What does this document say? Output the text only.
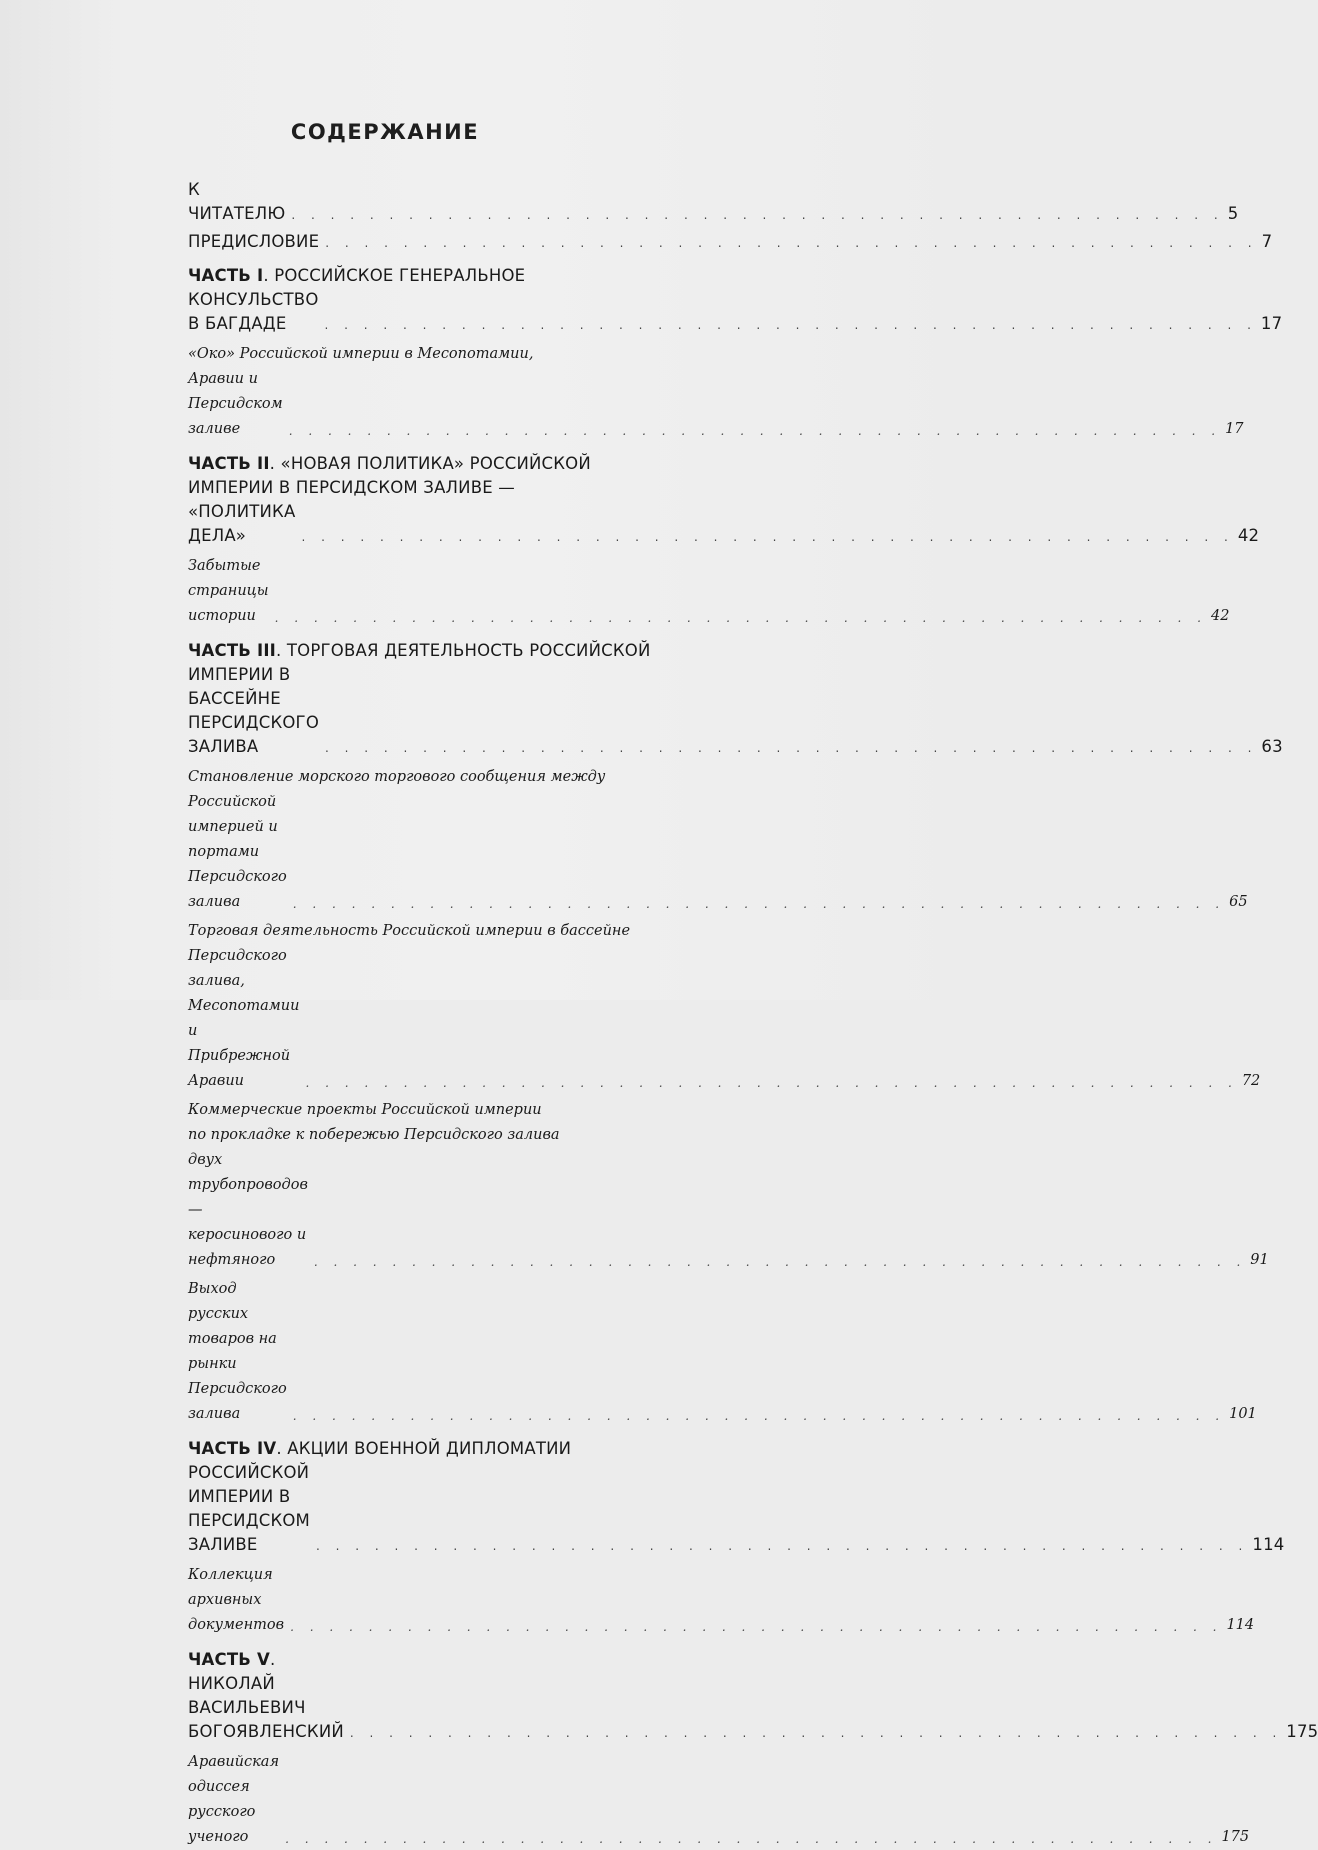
СОДЕРЖАНИЕ
К ЧИТАТЕЛЮ . . . . . . . . . . . . . . . . . . . . . . . . . . . . . . . . . . . . . . . . . . . . . . . . 5
ПРЕДИСЛОВИЕ . . . . . . . . . . . . . . . . . . . . . . . . . . . . . . . . . . . . . . . . . . . . . . . . 7
ЧАСТЬ I. РОССИЙСКОЕ ГЕНЕРАЛЬНОЕ
КОНСУЛЬСТВО В БАГДАДЕ	. . . . . . . . . . . . . . . . . . . . . . . . . . . . . . . . . . . . . . . . . . . . . . . . 17
«Око» Российской империи в Месопотамии,
Аравии и Персидском заливе	. . . . . . . . . . . . . . . . . . . . . . . . . . . . . . . . . . . . . . . . . . . . . . . . 17
ЧАСТЬ II. «НОВАЯ ПОЛИТИКА» РОССИЙСКОЙ
ИМПЕРИИ В ПЕРСИДСКОМ ЗАЛИВЕ —
«ПОЛИТИКА ДЕЛА»	. . . . . . . . . . . . . . . . . . . . . . . . . . . . . . . . . . . . . . . . . . . . . . . . 42
Забытые страницы истории	. . . . . . . . . . . . . . . . . . . . . . . . . . . . . . . . . . . . . . . . . . . . . . . . 42
ЧАСТЬ III. ТОРГОВАЯ ДЕЯТЕЛЬНОСТЬ РОССИЙСКОЙ
ИМПЕРИИ В БАССЕЙНЕ ПЕРСИДСКОГО ЗАЛИВА	. . . . . . . . . . . . . . . . . . . . . . . . . . . . . . . . . . . . . . . . . . . . . . . . 63
Становление морского торгового сообщения между
Российской империей и портами Персидского залива	. . . . . . . . . . . . . . . . . . . . . . . . . . . . . . . . . . . . . . . . . . . . . . . . 65
Торговая деятельность Российской империи в бассейне
Персидского залива, Месопотамии и Прибрежной Аравии	. . . . . . . . . . . . . . . . . . . . . . . . . . . . . . . . . . . . . . . . . . . . . . . . 72
Коммерческие проекты Российской империи
по прокладке к побережью Персидского залива
двух трубопроводов — керосинового и нефтяного	. . . . . . . . . . . . . . . . . . . . . . . . . . . . . . . . . . . . . . . . . . . . . . . . 91
Выход русских товаров на рынки Персидского залива	. . . . . . . . . . . . . . . . . . . . . . . . . . . . . . . . . . . . . . . . . . . . . . . . 101
ЧАСТЬ IV. АКЦИИ ВОЕННОЙ ДИПЛОМАТИИ
РОССИЙСКОЙ ИМПЕРИИ В ПЕРСИДСКОМ ЗАЛИВЕ	. . . . . . . . . . . . . . . . . . . . . . . . . . . . . . . . . . . . . . . . . . . . . . . . 114
Коллекция архивных документов . . . . . . . . . . . . . . . . . . . . . . . . . . . . . . . . . . . . . . . . . . . . . . . . 114
ЧАСТЬ V. НИКОЛАЙ ВАСИЛЬЕВИЧ БОГОЯВЛЕНСКИЙ . . . . . . . . . . . . . . . . . . . . . . . . . . . . . . . . . . . . . . . . . . . . . . . . 175
Аравийская одиссея русского ученого	. . . . . . . . . . . . . . . . . . . . . . . . . . . . . . . . . . . . . . . . . . . . . . . . 175
